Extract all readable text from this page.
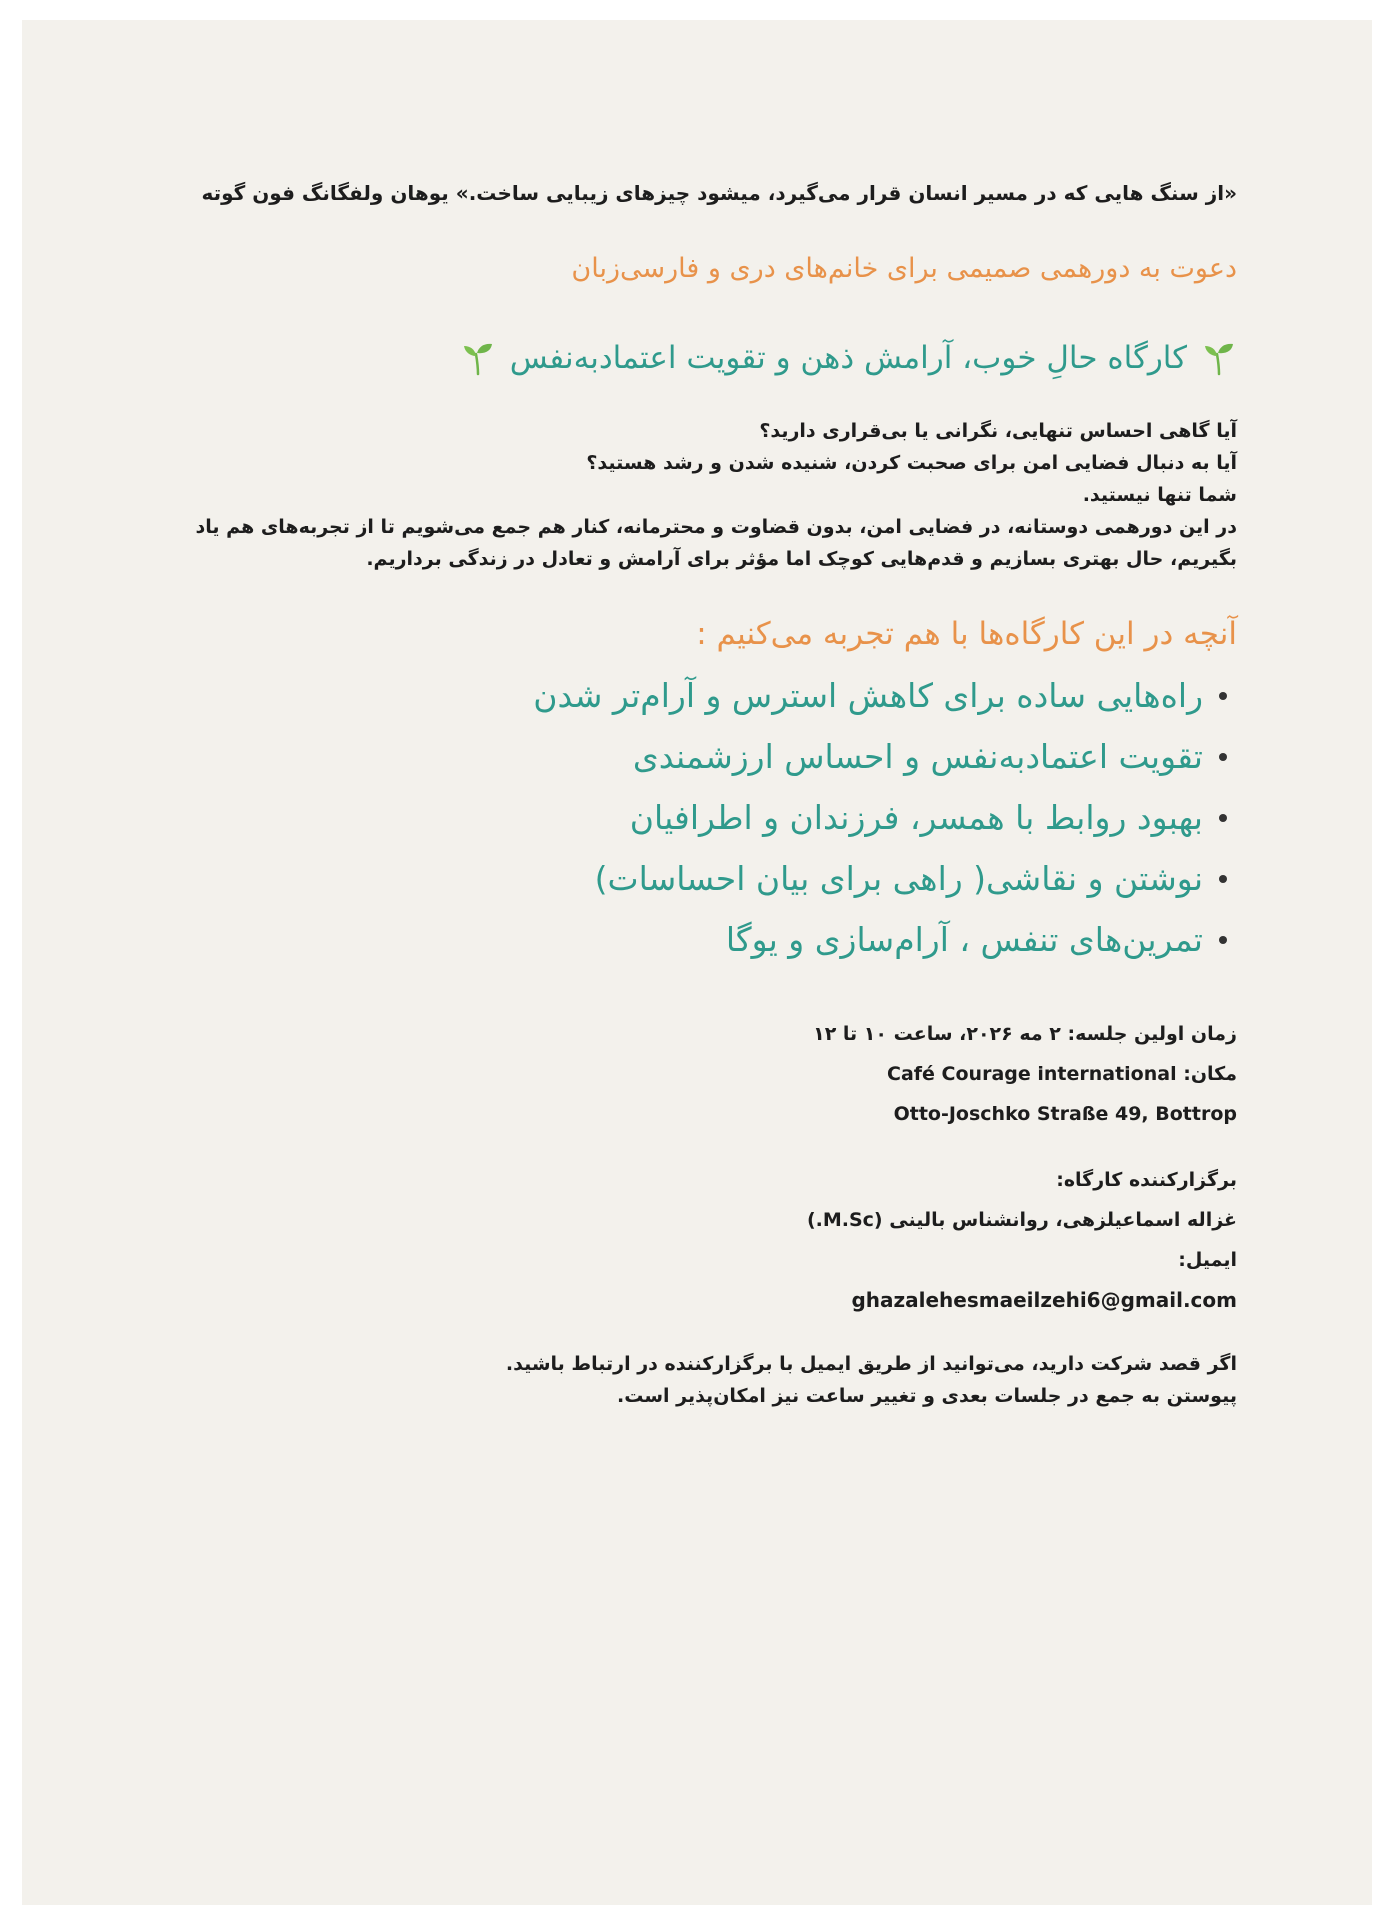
«از سنگ هایی که در مسیر انسان قرار می‌گیرد، میشود چیزهای زیبایی ساخت.» یوهان ولفگانگ فون گوته
دعوت به دورهمی صمیمی برای خانم‌های دری و فارسی‌زبان
کارگاه حالِ خوب، آرامش ذهن و تقویت اعتمادبه‌نفس

آیا گاهی احساس تنهایی، نگرانی یا بی‌قراری دارید؟

آیا به دنبال فضایی امن برای صحبت کردن، شنیده شدن و رشد هستید؟

شما تنها نیستید.

در این دورهمی دوستانه، در فضایی امن، بدون قضاوت و محترمانه، کنار هم جمع می‌شویم تا از تجربه‌های هم یاد بگیریم، حال بهتری بسازیم و قدم‌هایی کوچک اما مؤثر برای آرامش و تعادل در زندگی برداریم.

آنچه در این کارگاه‌ها با هم تجربه می‌کنیم :
راه‌هایی ساده برای کاهش استرس و آرام‌تر شدن
تقویت اعتمادبه‌نفس و احساس ارزشمندی
بهبود روابط با همسر، فرزندان و اطرافیان
نوشتن و نقاشی( راهی برای بیان احساسات)
تمرین‌های تنفس ، آرام‌سازی و یوگا

زمان اولین جلسه: ۲ مه ۲۰۲۶، ساعت ۱۰ تا ۱۲

مکان: Café Courage international

Otto-Joschko Straße 49, Bottrop

برگزارکننده کارگاه:

غزاله اسماعیلزهی، روانشناس بالینی (M.Sc.)

ایمیل:

ghazalehesmaeilzehi6@gmail.com

اگر قصد شرکت دارید، می‌توانید از طریق ایمیل با برگزارکننده در ارتباط باشید.

پیوستن به جمع در جلسات بعدی و تغییر ساعت نیز امکان‌پذیر است.
